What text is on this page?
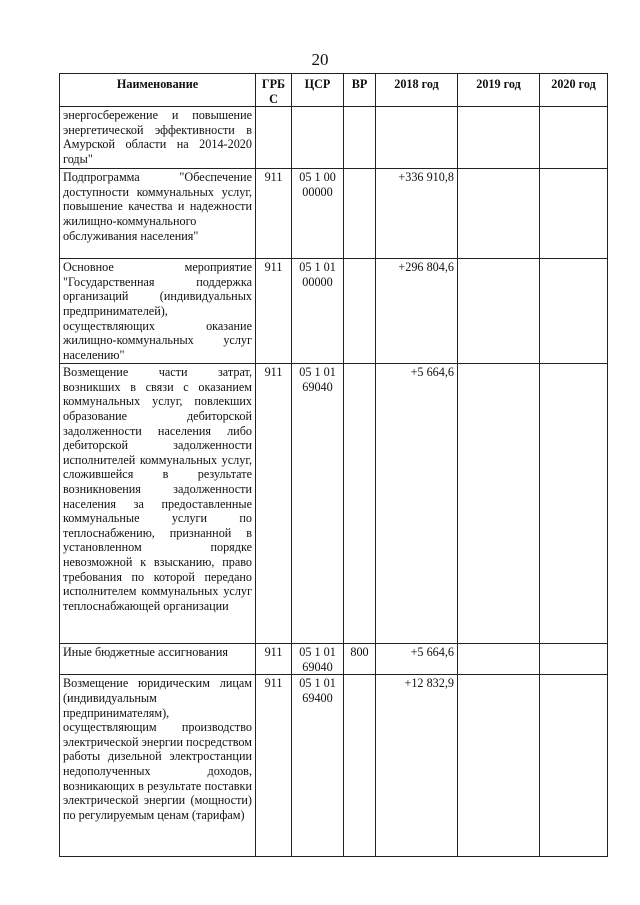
20
Наименование	ГРБ С	ЦСР	ВР	2018 год	2019 год	2020 год
энергосбережение и повышение энергетической эффективности в Амурской области на 2014-2020 годы"						
Подпрограмма "Обеспечение доступности коммунальных услуг, повышение качества и надежности жилищно-коммунального обслуживания населения"	911	05 1 00 00000		+336 910,8		
Основное мероприятие "Государственная поддержка организаций (индивидуальных предпринимателей), осуществляющих оказание жилищно-коммунальных услуг населению"	911	05 1 01 00000		+296 804,6		
Возмещение части затрат, возникших в связи с оказанием коммунальных услуг, повлекших образование дебиторской задолженности населения либо дебиторской задолженности исполнителей коммунальных услуг, сложившейся в результате возникновения задолженности населения за предоставленные коммунальные услуги по теплоснабжению, признанной в установленном порядке невозможной к взысканию, право требования по которой передано исполнителем коммунальных услуг теплоснабжающей организации	911	05 1 01 69040		+5 664,6		
Иные бюджетные ассигнования	911	05 1 01 69040	800	+5 664,6		
Возмещение юридическим лицам (индивидуальным предпринимателям), осуществляющим производство электрической энергии посредством работы дизельной электростанции недополученных доходов, возникающих в результате поставки электрической энергии (мощности) по регулируемым ценам (тарифам)	911	05 1 01 69400		+12 832,9		
